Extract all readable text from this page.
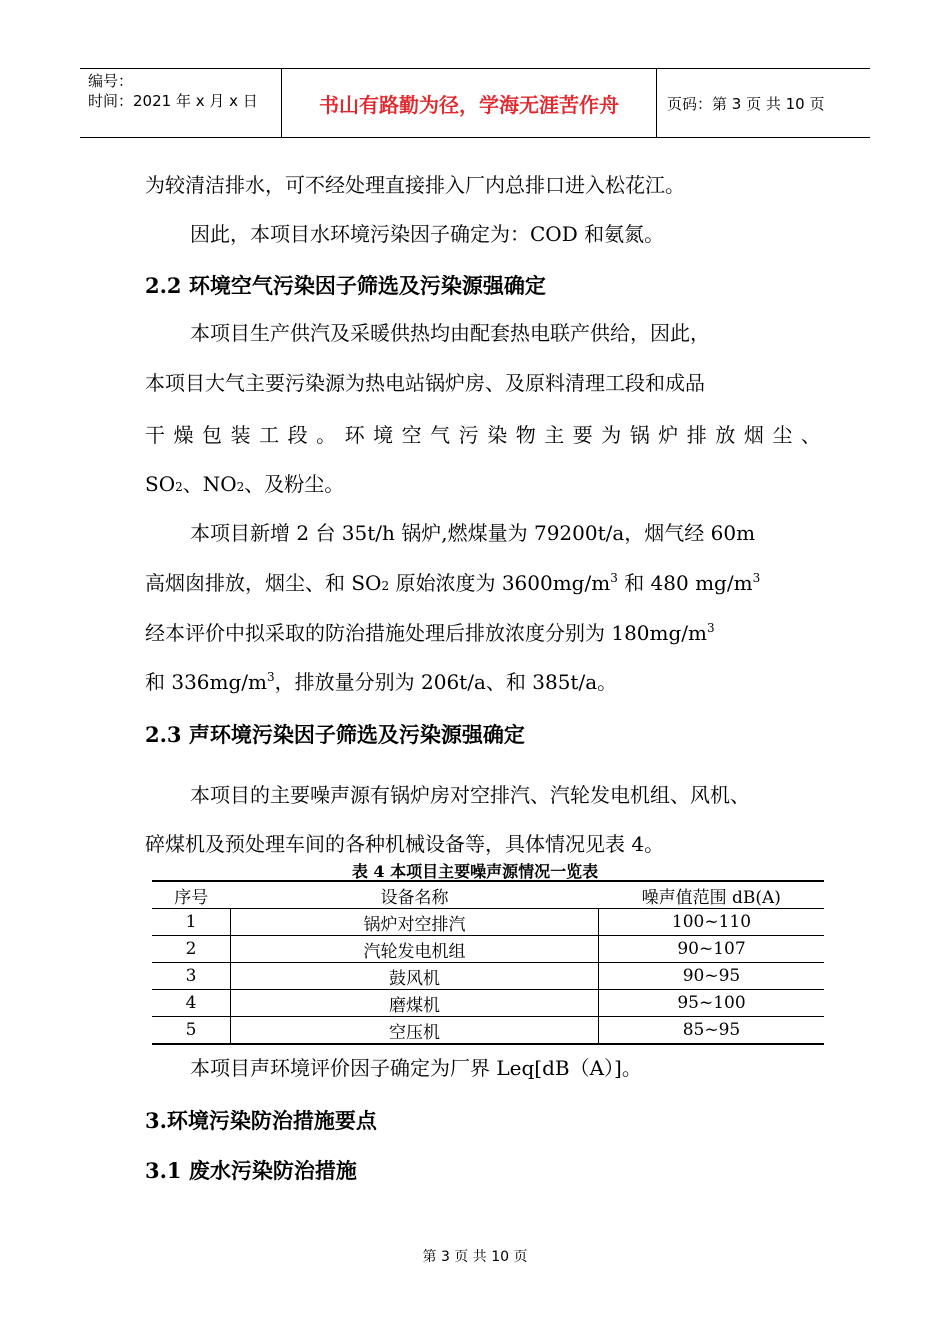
编号：
时间：2021 年 x 月 x 日	书山有路勤为径，学海无涯苦作舟	页码：第 3 页 共 10 页
为较清洁排水，可不经处理直接排入厂内总排口进入松花江。
因此，本项目水环境污染因子确定为：COD 和氨氮。
2.2 环境空气污染因子筛选及污染源强确定
本项目生产供汽及采暖供热均由配套热电联产供给，因此，
本项目大气主要污染源为热电站锅炉房、及原料清理工段和成品
干 燥 包 装 工 段 。 环 境 空 气 污 染 物 主 要 为 锅 炉 排 放 烟 尘 、
$SO_2$、$NO_2$、及粉尘。
本项目新增 2 台 35t/h 锅炉,燃煤量为 79200t/a，烟气经 60m
高烟囱排放，烟尘、和 $SO_2$ 原始浓度为 $3600mg/m^3$ 和 480 $mg/m^3$
经本评价中拟采取的防治措施处理后排放浓度分别为 $180mg/m^3$
和 $336mg/m^3$，排放量分别为 206t/a、和 385t/a。
2.3 声环境污染因子筛选及污染源强确定
本项目的主要噪声源有锅炉房对空排汽、汽轮发电机组、风机、
碎煤机及预处理车间的各种机械设备等，具体情况见表 4。
表 4 本项目主要噪声源情况一览表
序号	设备名称	噪声值范围 dB(A)
1	锅炉对空排汽	100~110
2	汽轮发电机组	90~107
3	鼓风机	90~95
4	磨煤机	95~100
5	空压机	85~95
本项目声环境评价因子确定为厂界 Leq[dB（A）]。
3.环境污染防治措施要点
3.1 废水污染防治措施
第 3 页 共 10 页
